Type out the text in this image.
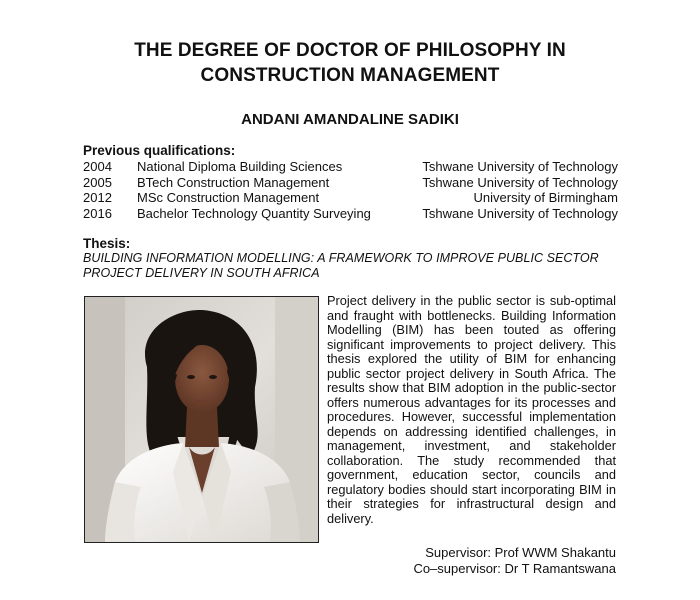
THE DEGREE OF DOCTOR OF PHILOSOPHY IN
CONSTRUCTION MANAGEMENT
ANDANI AMANDALINE SADIKI
Previous qualifications:
2004 National Diploma Building Sciences	Tshwane University of Technology
2005 BTech Construction Management	Tshwane University of Technology
2012 MSc Construction Management	University of Birmingham
2016 Bachelor Technology Quantity Surveying	Tshwane University of Technology
Thesis:
BUILDING INFORMATION MODELLING: A FRAMEWORK TO IMPROVE PUBLIC SECTOR
PROJECT DELIVERY IN SOUTH AFRICA
Project delivery in the public sector is sub-optimal and fraught with bottlenecks. Building Information Modelling (BIM) has been touted as offering significant improvements to project delivery. This thesis explored the utility of BIM for enhancing public sector project delivery in South Africa. The results show that BIM adoption in the public-sector offers numerous advantages for its processes and procedures. However, successful implementation depends on addressing identified challenges, in management, investment, and stakeholder collaboration. The study recommended that government, education sector, councils and regulatory bodies should start incorporating BIM in their strategies for infrastructural design and delivery.
Supervisor: Prof WWM Shakantu
Co–supervisor: Dr T Ramantswana
